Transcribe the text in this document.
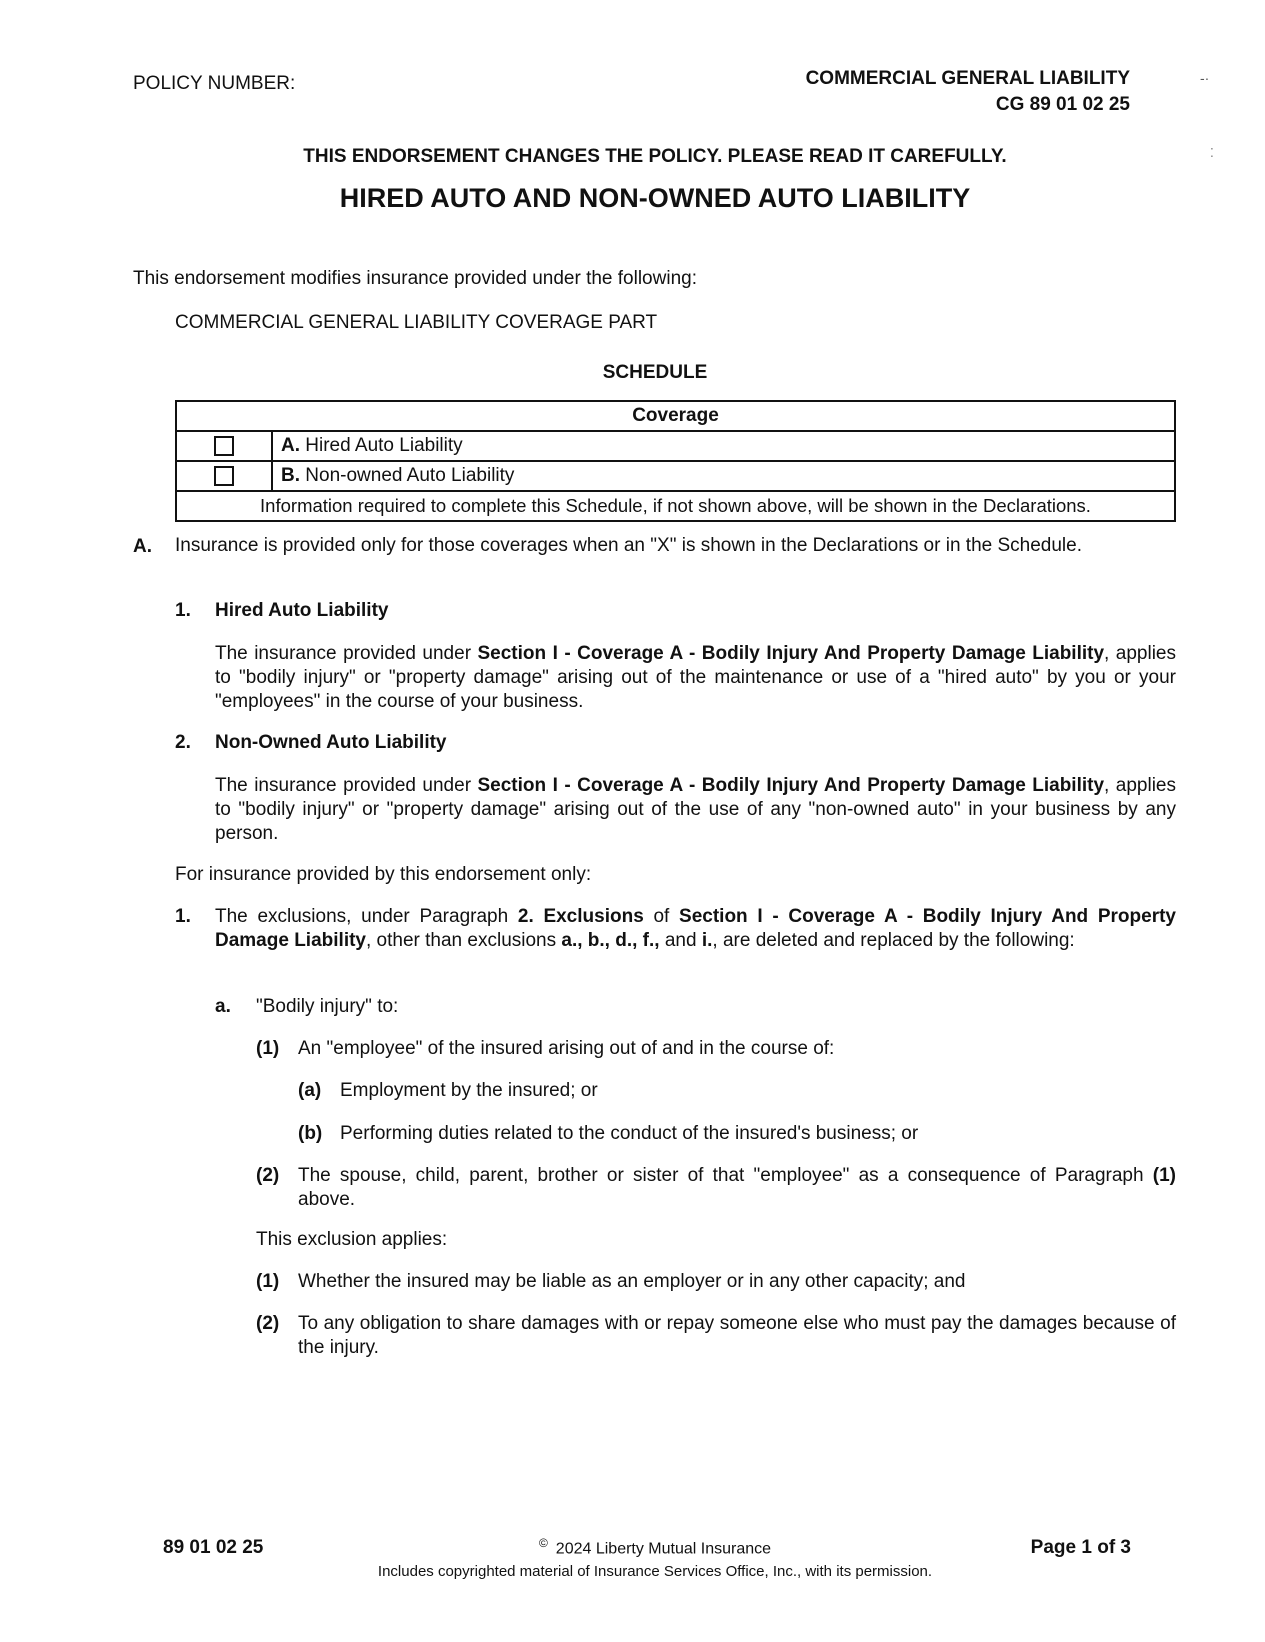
POLICY NUMBER:	COMMERCIAL GENERAL LIABILITY
CG 89 01 02 25
-·
⁚
THIS ENDORSEMENT CHANGES THE POLICY. PLEASE READ IT CAREFULLY.
HIRED AUTO AND NON-OWNED AUTO LIABILITY
This endorsement modifies insurance provided under the following:
COMMERCIAL GENERAL LIABILITY COVERAGE PART
SCHEDULE
Coverage	
	A. Hired Auto Liability
	B. Non-owned Auto Liability
Information required to complete this Schedule, if not shown above, will be shown in the Declarations.	
A. Insurance is provided only for those coverages when an "X" is shown in the Declarations or in the Schedule.
1. Hired Auto Liability
The insurance provided under Section I - Coverage A - Bodily Injury And Property Damage Liability, applies to "bodily injury" or "property damage" arising out of the maintenance or use of a "hired auto" by you or your "employees" in the course of your business.
2. Non-Owned Auto Liability
The insurance provided under Section I - Coverage A - Bodily Injury And Property Damage Liability, applies to "bodily injury" or "property damage" arising out of the use of any "non-owned auto" in your business by any person.
For insurance provided by this endorsement only:
1. The exclusions, under Paragraph 2. Exclusions of Section I - Coverage A - Bodily Injury And Property Damage Liability, other than exclusions a., b., d., f., and i., are deleted and replaced by the following:
a. "Bodily injury" to:
(1) An "employee" of the insured arising out of and in the course of:
(a) Employment by the insured; or
(b) Performing duties related to the conduct of the insured's business; or
(2) The spouse, child, parent, brother or sister of that "employee" as a consequence of Paragraph (1) above.
This exclusion applies:
(1) Whether the insured may be liable as an employer or in any other capacity; and
(2) To any obligation to share damages with or repay someone else who must pay the damages because of the injury.
89 01 02 25	© 2024 Liberty Mutual Insurance	Page 1 of 3
Includes copyrighted material of Insurance Services Office, Inc., with its permission.
